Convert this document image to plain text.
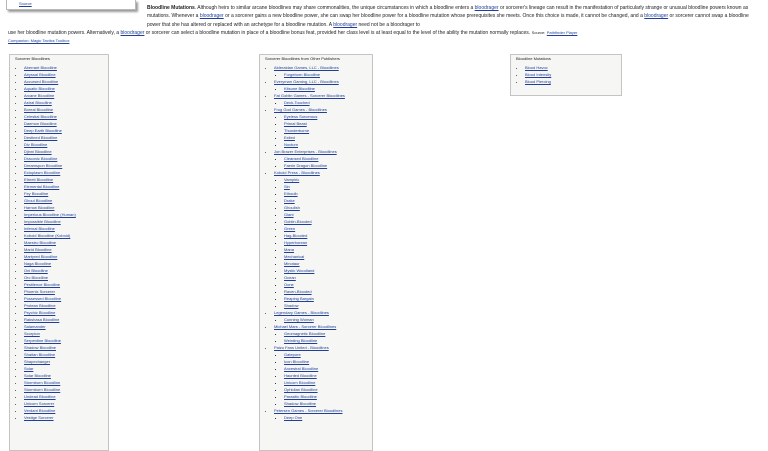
Source
Bloodline Mutations. Although heirs to similar arcane bloodlines may share commonalities, the unique circumstances in which a bloodline enters a bloodrager or sorcerer's lineage can result in the manifestation of particularly strange or unusual bloodline powers known as mutations. Whenever a bloodrager or a sorcerer gains a new bloodline power, she can swap her bloodline power for a bloodline mutation whose prerequisites she meets. Once this choice is made, it cannot be changed, and a bloodrager or sorcerer cannot swap a bloodline power that she has altered or replaced with an archetype for a bloodline mutation. A bloodrager need not be a bloodrager to
use her bloodline mutation powers. Alternatively, a bloodrager or sorcerer can select a bloodline mutation in place of a bloodline bonus feat, provided her class level is at least equal to the level of the ability the mutation normally replaces. Source: Pathfinder Player
Companion: Magic Tactics Toolbox
Sorcerer Bloodlines
• Aberrant Bloodline
• Abyssal Bloodline
• Accursed Bloodline
• Aquatic Bloodline
• Arcane Bloodline
• Astral Bloodline
• Boreal Bloodline
• Celestial Bloodline
• Daemon Bloodline
• Deep Earth Bloodline
• Destined Bloodline
• Div Bloodline
• Djinni Bloodline
• Draconic Bloodline
• Dreamspun Bloodline
• Ectoplasm Bloodline
• Efreeti Bloodline
• Elemental Bloodline
• Fey Bloodline
• Ghoul Bloodline
• Harrow Bloodline
• Imperious Bloodline (Human)
• Impossible Bloodline
• Infernal Bloodline
• Kobold Bloodline (Kobold)
• Maestro Bloodline
• Marid Bloodline
• Martyred Bloodline
• Naga Bloodline
• Oni Bloodline
• Orc Bloodline
• Pestilence Bloodline
• Phoenix Sorcerer
• Possessed Bloodline
• Protean Bloodline
• Psychic Bloodline
• Rakshasa Bloodline
• Salamander
• Scorpion
• Serpentine Bloodline
• Shadow Bloodline
• Shaitan Bloodline
• Shapechanger
• Solar
• Solar Bloodline
• Stormborn Bloodline
• Stormborn Bloodline
• Undead Bloodline
• Unicorn Sorcerer
• Verdant Bloodline
• Vestige Sorcerer
Sorcerer Bloodlines from Other Publishers
• Alderaldan Games, LLC - Bloodlines
▪ Forgeborn Bloodline
• Everyman Gaming, LLC - Bloodlines
▪ Kitsune Bloodline
• Fat Goblin Games - Sorcerer Bloodlines
▪ Deck-Touched
• Frog God Games - Bloodlines
▪ Eyeless Sorcerous
▪ Primal Beast
▪ Thunderborne
▪ Exiled
▪ Nocturn
• Jon Brazer Enterprises - Bloodlines
▪ Cleansed Bloodline
▪ Faerie Dragon Bloodline
• Kobold Press - Bloodlines
▪ Vampiric
▪ Sin
▪ Ethoulb
▪ Drake
▪ Ghoulish
▪ Giant
▪ Goblin-Blooded
▪ Green
▪ Hag-Blooded
▪ Hyperborean
▪ Mana
▪ Mechanical
▪ Minotaur
▪ Mystic Woodland
▪ Ocean
▪ Oone
▪ Raven-Blooded
▪ Reaping Bargain
▪ Shadow
• Legendary Games - Bloodlines
▪ Cunning Woman
• Michael Mars - Sorcerer Bloodlines
▪ Geomagnetic Bloodline
▪ Weirding Bloodline
• Paizo Fans United - Bloodlines
▪ Gatepore
▪ Icon Bloodline
▪ Ancestral Bloodline
▪ Haunted Bloodline
▪ Unicorn Bloodline
▪ Ophidian Bloodline
▪ Parasitic Bloodline
▪ Shadow Bloodline
• Petersen Games - Sorcerer Bloodlines
▪ Deep One
Bloodline Mutations
• Blood Havoc
• Blood Intensity
• Blood Piercing
